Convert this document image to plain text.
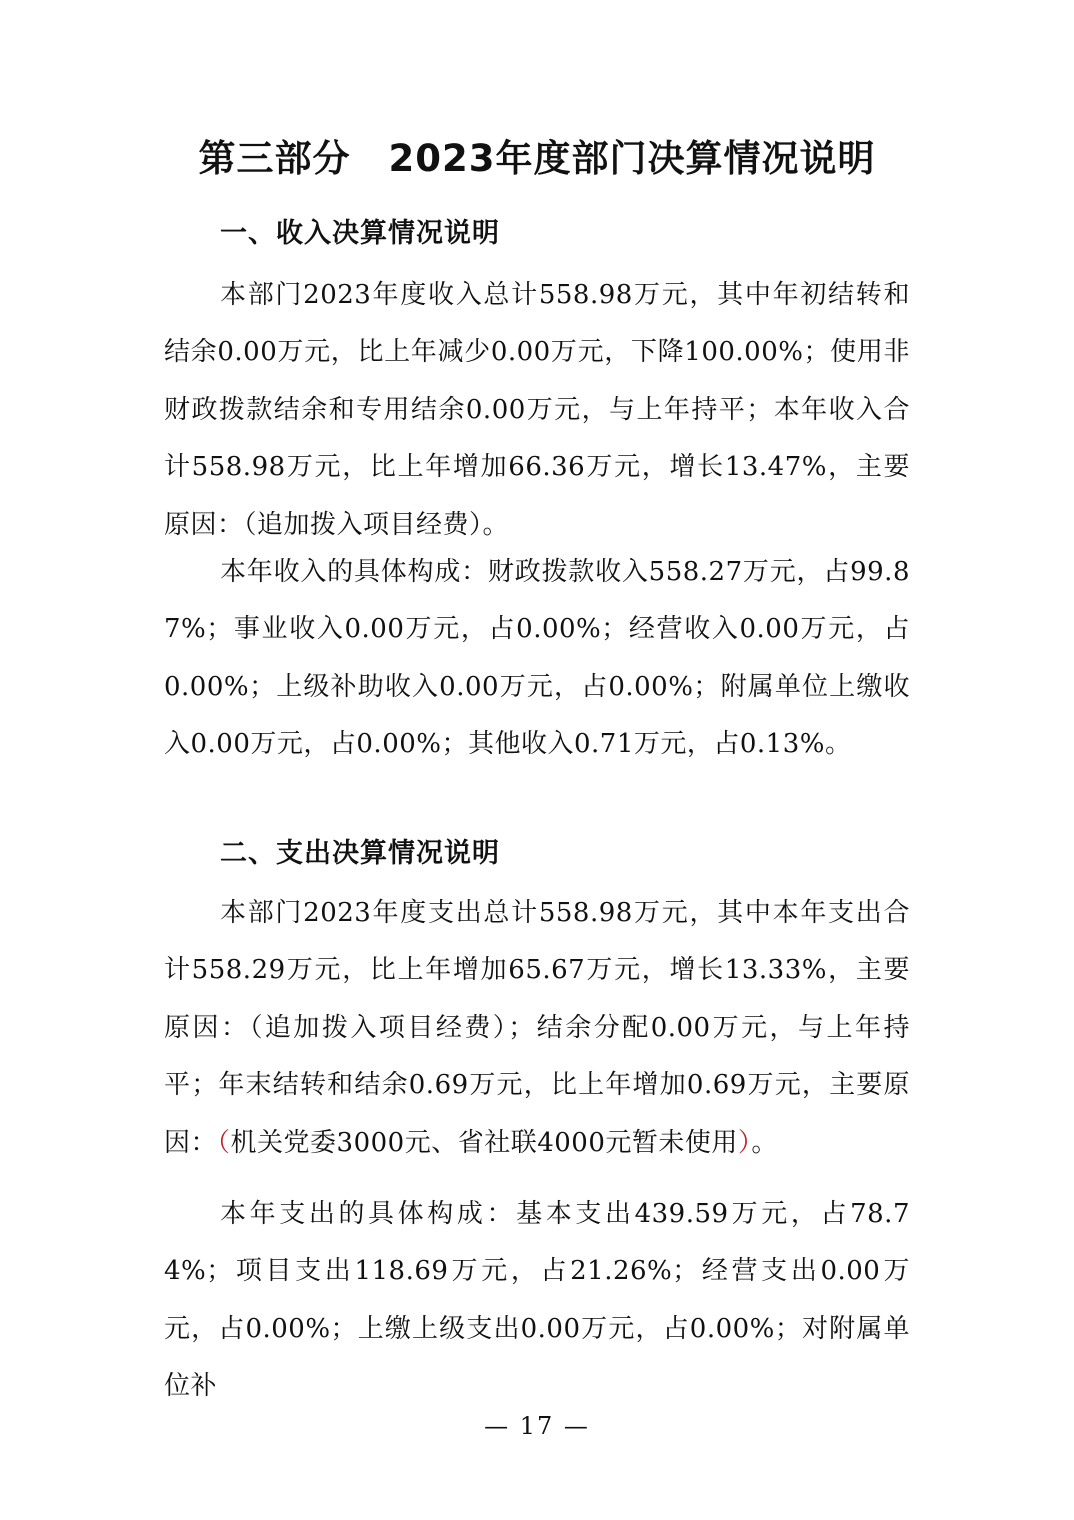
第三部分　2023年度部门决算情况说明
一、收入决算情况说明

本部门2023年度收入总计558.98万元，其中年初结转和结余0.00万元，比上年减少0.00万元，下降100.00%；使用非财政拨款结余和专用结余0.00万元，与上年持平；本年收入合计558.98万元，比上年增加66.36万元，增长13.47%，主要原因：（追加拨入项目经费）。

本年收入的具体构成：财政拨款收入558.27万元，占99.87%；事业收入0.00万元，占0.00%；经营收入0.00万元，占0.00%；上级补助收入0.00万元，占0.00%；附属单位上缴收入0.00万元，占0.00%；其他收入0.71万元，占0.13%。

二、支出决算情况说明

本部门2023年度支出总计558.98万元，其中本年支出合计558.29万元，比上年增加65.67万元，增长13.33%，主要原因：（追加拨入项目经费）；结余分配0.00万元，与上年持平；年末结转和结余0.69万元，比上年增加0.69万元，主要原因：（机关党委3000元、省社联4000元暂未使用）。

本年支出的具体构成：基本支出439.59万元，占78.74%；项目支出118.69万元，占21.26%；经营支出0.00万元，占0.00%；上缴上级支出0.00万元，占0.00%；对附属单位补

— 17 —
